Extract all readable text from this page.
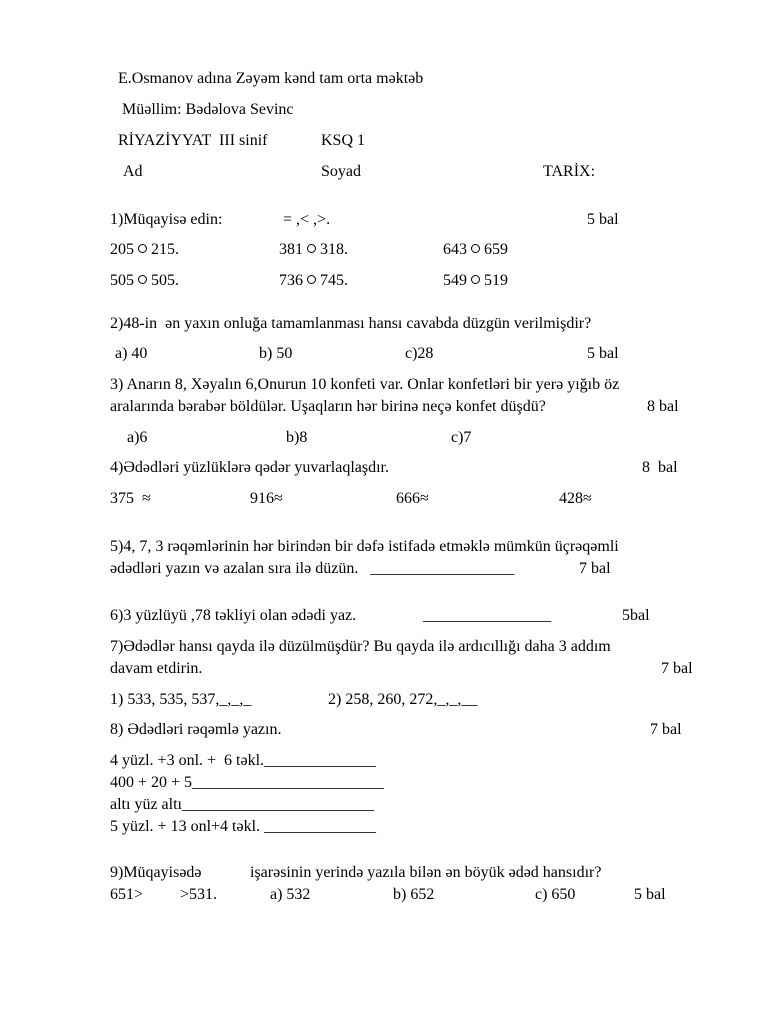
E.Osmanov adına Zəyəm kənd tam orta məktəb
Müəllim: Bədəlova Sevinc
RİYAZİYYAT  III sinif	KSQ 1
Ad	Soyad	TARİX:
1)Müqayisə edin:	= ,< ,>.	5 bal
205 215.	381 318.	643 659
505 505.	736 745.	549 519
2)48-in  ən yaxın onluğa tamamlanması hansı cavabda düzgün verilmişdir?
a) 40	b) 50	c)28	5 bal
3) Anarın 8, Xəyalın 6,Onurun 10 konfeti var. Onlar konfetləri bir yerə yığıb öz
aralarında bərabər böldülər. Uşaqların hər birinə neçə konfet düşdü?	8 bal
a)6	b)8	c)7
4)Ədədləri yüzlüklərə qədər yuvarlaqlaşdır.	8  bal
375  ≈	916≈	666≈	428≈
5)4, 7, 3 rəqəmlərinin hər birindən bir dəfə istifadə etməklə mümkün üçrəqəmli
ədədləri yazın və azalan sıra ilə düzün.   __________________	7 bal
6)3 yüzlüyü ,78 təkliyi olan ədədi yaz.	________________	5bal
7)Ədədlər hansı qayda ilə düzülmüşdür? Bu qayda ilə ardıcıllığı daha 3 addım
davam etdirin.	7 bal
1) 533, 535, 537,_,_,_	2) 258, 260, 272,_,_,__
8) Ədədləri rəqəmlə yazın.	7 bal
4 yüzl. +3 onl. +  6 təkl.______________
400 + 20 + 5________________________
altı yüz altı________________________
5 yüzl. + 13 onl+4 təkl. ______________
9)Müqayisədə	işarəsinin yerində yazıla bilən ən böyük ədəd hansıdır?
651> >531.	a) 532	b) 652	c) 650	5 bal
